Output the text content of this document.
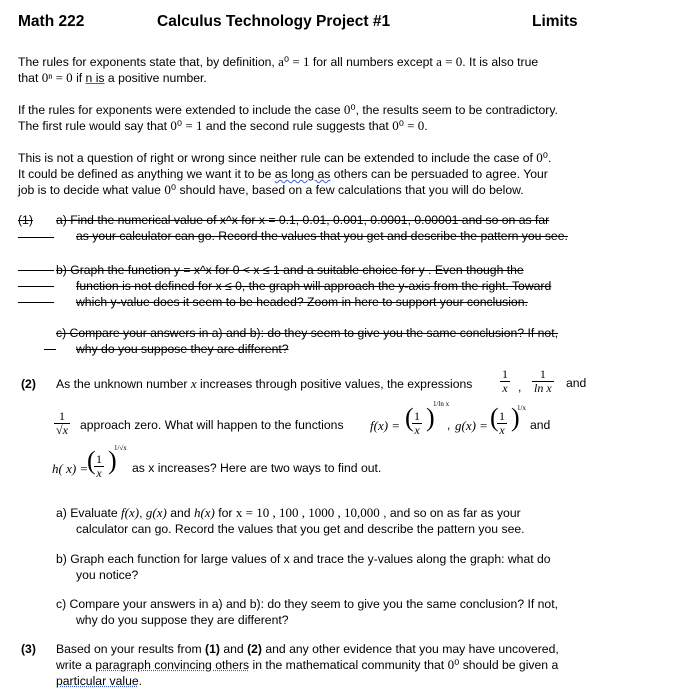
Math 222	Calculus Technology Project #1	Limits
The rules for exponents state that, by definition, a⁰ = 1 for all numbers except a = 0. It is also true
that 0ⁿ = 0 if n is a positive number.
If the rules for exponents were extended to include the case 0⁰, the results seem to be contradictory.
The first rule would say that 0⁰ = 1 and the second rule suggests that 0⁰ = 0.
This is not a question of right or wrong since neither rule can be extended to include the case of 0⁰.
It could be defined as anything we want it to be as long as others can be persuaded to agree. Your
job is to decide what value 0⁰ should have, based on a few calculations that you will do below.
(1) a) Find the numerical value of x^x for x = 0.1, 0.01, 0.001, 0.0001, 0.00001 and so on as far
as your calculator can go. Record the values that you get and describe the pattern you see.
b) Graph the function y = x^x for 0 < x ≤ 1 and a suitable choice for y . Even though the
function is not defined for x ≤ 0, the graph will approach the y-axis from the right. Toward
which y-value does it seem to be headed? Zoom in here to support your conclusion.
c) Compare your answers in a) and b): do they seem to give you the same conclusion? If not,
why do you suppose they are different?
(2) As the unknown number x increases through positive values, the expressions $\frac{1}{x}$ , $\frac{1}{\text{ln x}}$ and
$\frac{1}{√x}$ approach zero. What will happen to the functions f(x) = (
$\frac{1}{x}$ )
1/ln x
, g(x) = (
$\frac{1}{x}$ )
1/x
and
h( x) =
(
$\frac{1}{x}$ )
1/√x
as x increases? Here are two ways to find out.
a) Evaluate f(x), g(x) and h(x) for x = 10 , 100 , 1000 , 10,000 , and so on as far as your
calculator can go. Record the values that you get and describe the pattern you see.
b) Graph each function for large values of x and trace the y-values along the graph: what do
you notice?
c) Compare your answers in a) and b): do they seem to give you the same conclusion? If not,
why do you suppose they are different?
(3) Based on your results from (1) and (2) and any other evidence that you may have uncovered,
write a paragraph convincing others in the mathematical community that 0⁰ should be given a
particular value.
